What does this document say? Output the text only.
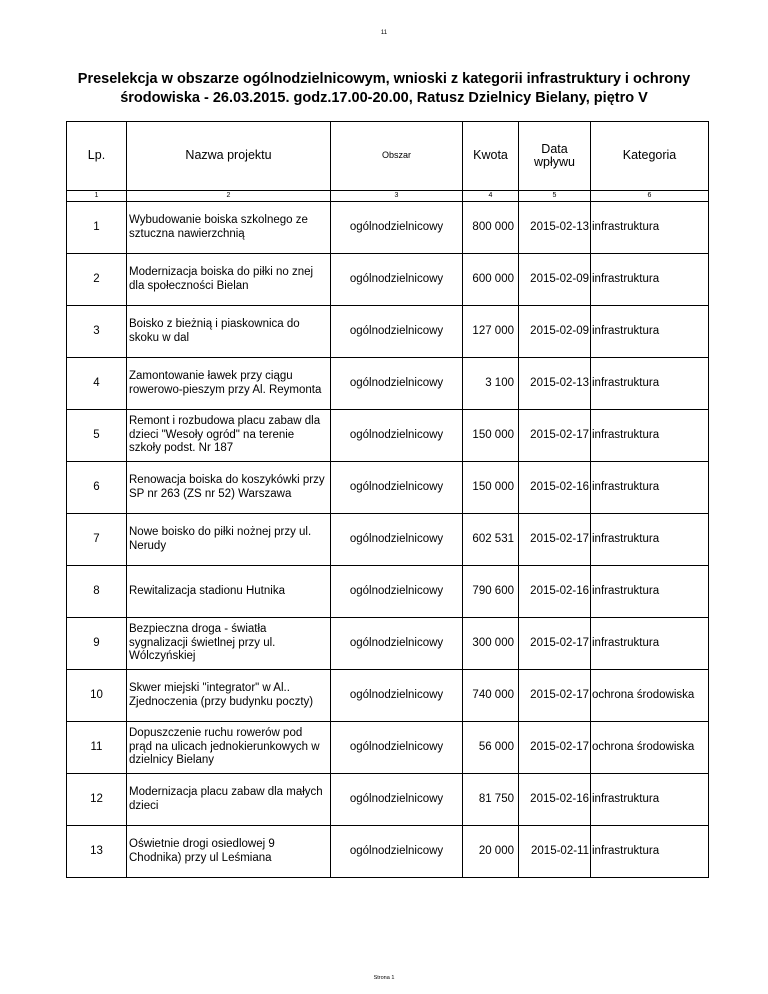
11
Preselekcja w obszarze ogólnodzielnicowym, wnioski z kategorii infrastruktury i ochrony środowiska - 26.03.2015. godz.17.00-20.00, Ratusz Dzielnicy Bielany, piętro V
Lp.	Nazwa projektu	Obszar	Kwota	Data wpływu	Kategoria
1	2	3	4	5	6
1	Wybudowanie boiska szkolnego ze sztuczna nawierzchnią	ogólnodzielnicowy	800 000	2015-02-13	infrastruktura
2	Modernizacja boiska do piłki no znej dla społeczności Bielan	ogólnodzielnicowy	600 000	2015-02-09	infrastruktura
3	Boisko z bieżnią i piaskownica do skoku w dal	ogólnodzielnicowy	127 000	2015-02-09	infrastruktura
4	Zamontowanie ławek przy ciągu rowerowo-pieszym przy Al. Reymonta	ogólnodzielnicowy	3 100	2015-02-13	infrastruktura
5	Remont i rozbudowa placu zabaw dla dzieci "Wesoły ogród" na terenie szkoły podst. Nr 187	ogólnodzielnicowy	150 000	2015-02-17	infrastruktura
6	Renowacja boiska do koszykówki przy SP nr 263 (ZS nr 52) Warszawa	ogólnodzielnicowy	150 000	2015-02-16	infrastruktura
7	Nowe boisko do piłki nożnej przy ul. Nerudy	ogólnodzielnicowy	602 531	2015-02-17	infrastruktura
8	Rewitalizacja stadionu Hutnika	ogólnodzielnicowy	790 600	2015-02-16	infrastruktura
9	Bezpieczna droga - światła sygnalizacji świetlnej przy ul. Wólczyńskiej	ogólnodzielnicowy	300 000	2015-02-17	infrastruktura
10	Skwer miejski "integrator" w Al.. Zjednoczenia (przy budynku poczty)	ogólnodzielnicowy	740 000	2015-02-17	ochrona środowiska
11	Dopuszczenie ruchu rowerów pod prąd na ulicach jednokierunkowych w dzielnicy Bielany	ogólnodzielnicowy	56 000	2015-02-17	ochrona środowiska
12	Modernizacja placu zabaw dla małych dzieci	ogólnodzielnicowy	81 750	2015-02-16	infrastruktura
13	Oświetnie drogi osiedlowej 9 Chodnika) przy ul Leśmiana	ogólnodzielnicowy	20 000	2015-02-11	infrastruktura
Strona 1
